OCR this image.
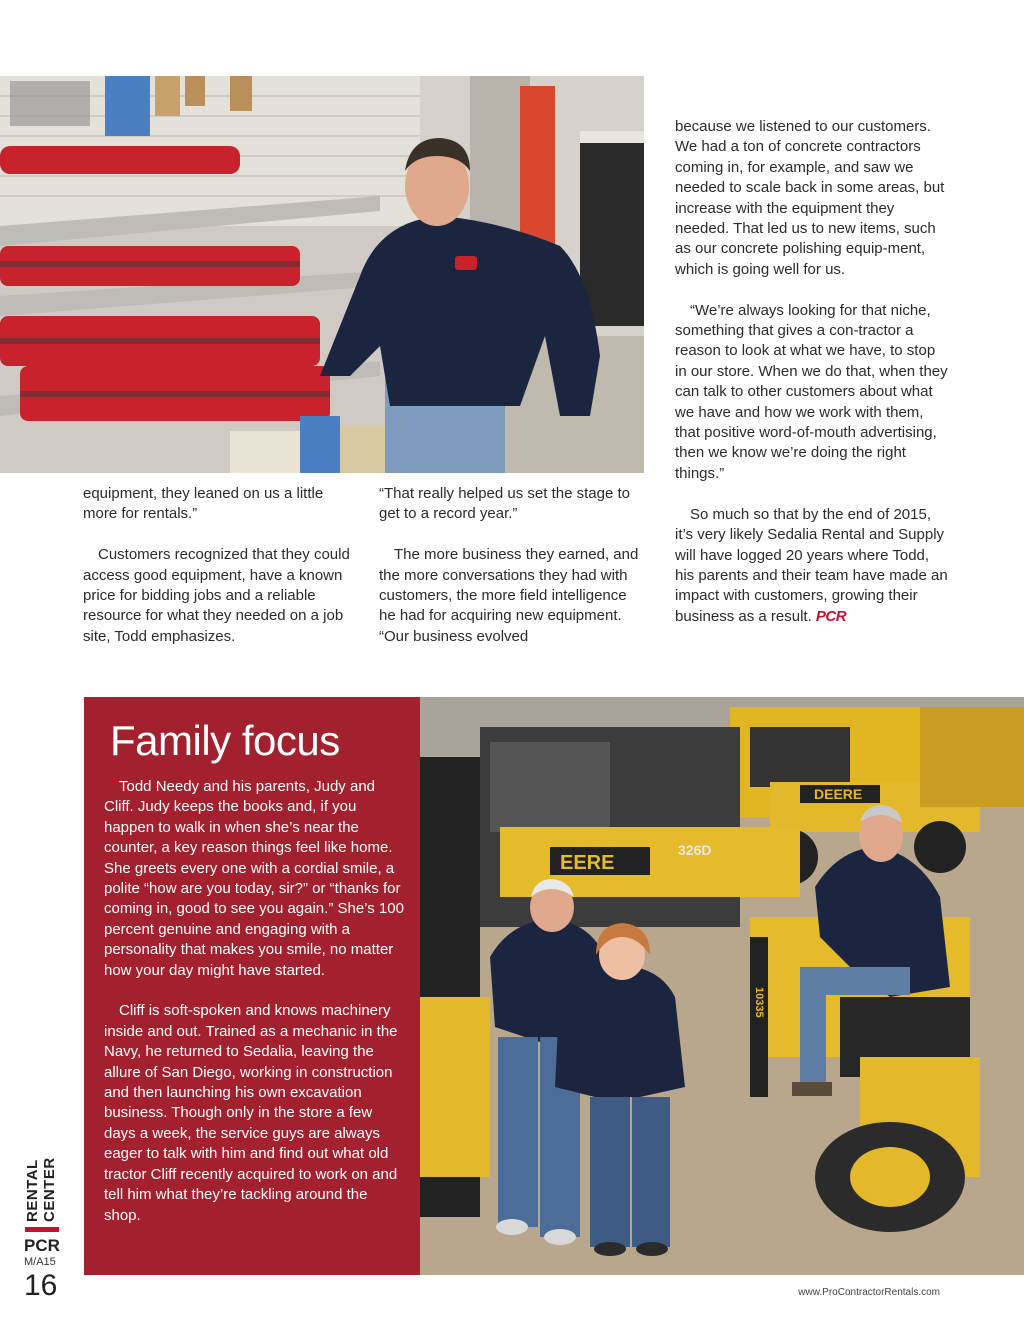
equipment, they leaned on us a little more for rentals.”

Customers recognized that they could access good equipment, have a known price for bidding jobs and a reliable resource for what they needed on a job site, Todd emphasizes.

“That really helped us set the stage to get to a record year.”

The more business they earned, and the more conversations they had with customers, the more field intelligence he had for acquiring new equipment. “Our business evolved

because we listened to our customers. We had a ton of concrete contractors coming in, for example, and saw we needed to scale back in some areas, but increase with the equipment they needed. That led us to new items, such as our concrete polishing equip-ment, which is going well for us.

“We’re always looking for that niche, something that gives a con-tractor a reason to look at what we have, to stop in our store. When we do that, when they can talk to other customers about what we have and how we work with them, that positive word-of-mouth advertising, then we know we’re doing the right things.”

So much so that by the end of 2015, it’s very likely Sedalia Rental and Supply will have logged 20 years where Todd, his parents and their team have made an impact with customers, growing their business as a result. PCR

Family focus

Todd Needy and his parents, Judy and Cliff. Judy keeps the books and, if you happen to walk in when she’s near the counter, a key reason things feel like home. She greets every one with a cordial smile, a polite “how are you today, sir?” or “thanks for coming in, good to see you again.” She’s 100 percent genuine and engaging with a personality that makes you smile, no matter how your day might have started.

Cliff is soft-spoken and knows machinery inside and out. Trained as a mechanic in the Navy, he returned to Sedalia, leaving the allure of San Diego, working in construction and then launching his own excavation business. Though only in the store a few days a week, the service guys are always eager to talk with him and find out what old tractor Cliff recently acquired to work on and tell him what they’re tackling around the shop.

DEERE
EERE
326D
10335
RENTAL
CENTER
PCR
M/A15
16	www.ProContractorRentals.com
